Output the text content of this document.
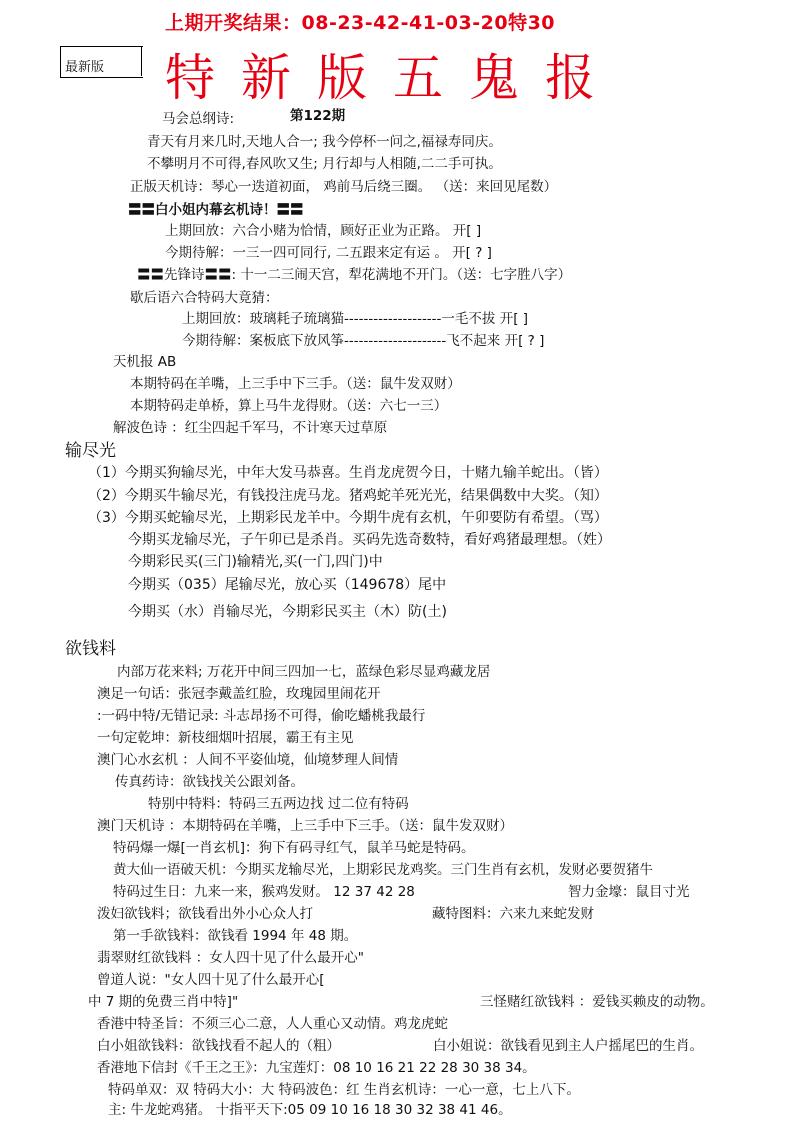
上期开奖结果：08-23-42-41-03-20特30
最新版 特新版五鬼报
马会总纲诗:	第122期
青天有月来几时,天地人合一; 我今停杯一问之,福禄寿同庆。
不攀明月不可得,春风吹又生; 月行却与人相随,二二手可执。
正版天机诗：琴心一迭道初面， 鸡前马后绕三圈。 （送：来回见尾数）
〓〓白小姐内幕玄机诗！〓〓
上期回放：六合小赌为恰情，顾好正业为正路。 开[ ]
今期待解：一三一四可同行, 二五跟来定有运 。 开[ ? ]
〓〓先锋诗〓〓: 十一二三闹天宫，犁花满地不开门。（送：七字胜八字）
歇后语六合特码大竟猜：
上期回放：玻璃耗子琉璃猫--------------------一毛不拔 开[ ]
今期待解：案板底下放风筝---------------------飞不起来 开[ ? ]
天机报 AB
本期特码在羊嘴，上三手中下三手。（送：鼠牛发双财）
本期特码走单桥，算上马牛龙得财。（送：六七一三）
解波色诗 ：红尘四起千军马，不计寒天过草原
输尽光
（1）今期买狗输尽光，中年大发马恭喜。生肖龙虎贺今日，十赌九输羊蛇出。（皆）
（2）今期买牛输尽光，有钱投注虎马龙。猪鸡蛇羊死光光，结果偶数中大奖。（知）
（3）今期买蛇输尽光，上期彩民龙羊中。今期牛虎有玄机，午卯要防有希望。（骂）
今期买龙输尽光，子午卯已是杀肖。买码先选奇数特，看好鸡猪最理想。（姓）
今期彩民买(三门)输精光,买(一门,四门)中
今期买（035）尾输尽光，放心买（149678）尾中
今期买（水）肖输尽光，今期彩民买主（木）防(土)
欲钱料
内部万花来料; 万花开中间三四加一七，蓝绿色彩尽显鸡藏龙居
澳足一句话：张冠李戴盖红脸，玫瑰园里闹花开
:一码中特/无错记录: 斗志昂扬不可得，偷吃蟠桃我最行
一句定乾坤：新枝细烟叶招展，霸王有主见
澳门心水玄机 ：人间不平姿仙境，仙境梦理人间情
传真药诗：欲钱找关公跟刘备。
特别中特料：特码三五两边找 过二位有特码
澳门天机诗 ：本期特码在羊嘴，上三手中下三手。（送：鼠牛发双财）
特码爆一爆[一肖玄机]：狗下有码寻红气，鼠羊马蛇是特码。
黄大仙一语破天机：今期买龙输尽光，上期彩民龙鸡奖。三门生肖有玄机，发财必要贺猪牛
特码过生日：九来一来，猴鸡发财。 12 37 42 28	智力金壕：鼠目寸光
泼妇欲钱料；欲钱看出外小心众人打	藏特图料：六来九来蛇发财
第一手欲钱料：欲钱看 1994 年 48 期。
翡翠财红欲钱料 ：女人四十见了什么最开心"
曾道人说："女人四十见了什么最开心[
中 7 期的免费三肖中特]"	三怪赌红欲钱料 ：爱钱买赖皮的动物。
香港中特圣旨：不须三心二意，人人重心又动情。鸡龙虎蛇
白小姐欲钱料：欲钱找看不起人的（粗）	白小姐说：欲钱看见到主人户摇尾巴的生肖。
香港地下信封《千王之王》：九宝莲灯：08 10 16 21 22 28 30 38 34。
特码单双：双 特码大小：大 特码波色：红 生肖玄机诗：一心一意，七上八下。
主: 牛龙蛇鸡猪。 十指平天下:05 09 10 16 18 30 32 38 41 46。
